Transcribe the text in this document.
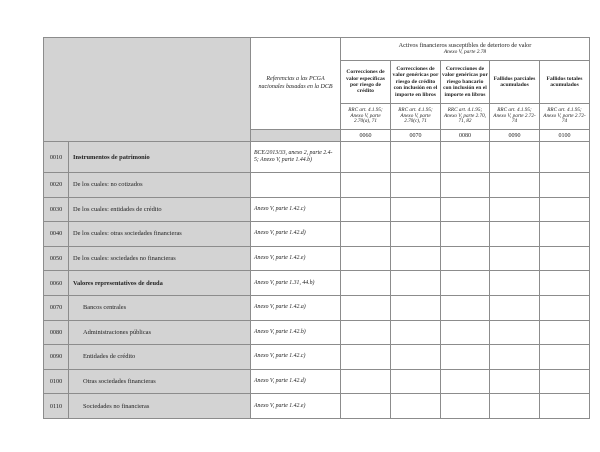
		Referencias a las PCGA nacionales basadas en la DCB	Activos financieros susceptibles de deterioro de valor
Anexo V, parte 2.78				

			Correcciones de valor específicas por riesgo de crédito	Correcciones de valor genéricas por riesgo de crédito con inclusión en el importe en libros	Correcciones de valor genéricas por riesgo bancario con inclusión en el importe en libros	Fallidos parciales acumulados	Fallidos totales acumulados
			RRC art. 4.1.95; Anexo V, parte 2.70(a), 71	RRC art. 4.1.95; Anexo V, parte 2.70(c), 71	RRC art. 4.1.95; Anexo V, parte 2.70, 71, 82	RRC art. 4.1.95; Anexo V, parte 2.72-74	RRC art. 4.1.95; Anexo V, parte 2.72-74
			0060	0070	0080	0090	0100
0010	Instrumentos de patrimonio	BCE/2013/33, anexo 2, parte 2.4-5; Anexo V, parte 1.44.b)					
0020	De los cuales: no cotizados						
0030	De los cuales: entidades de crédito	Anexo V, parte 1.42.c)					
0040	De los cuales: otras sociedades financieras	Anexo V, parte 1.42.d)					
0050	De los cuales: sociedades no financieras	Anexo V, parte 1.42.e)					
0060	Valores representativos de deuda	Anexo V, parte 1.31, 44.b)					
0070	Bancos centrales	Anexo V, parte 1.42.a)					
0080	Administraciones públicas	Anexo V, parte 1.42.b)					
0090	Entidades de crédito	Anexo V, parte 1.42.c)					
0100	Otras sociedades financieras	Anexo V, parte 1.42.d)					
0110	Sociedades no financieras	Anexo V, parte 1.42.e)					
